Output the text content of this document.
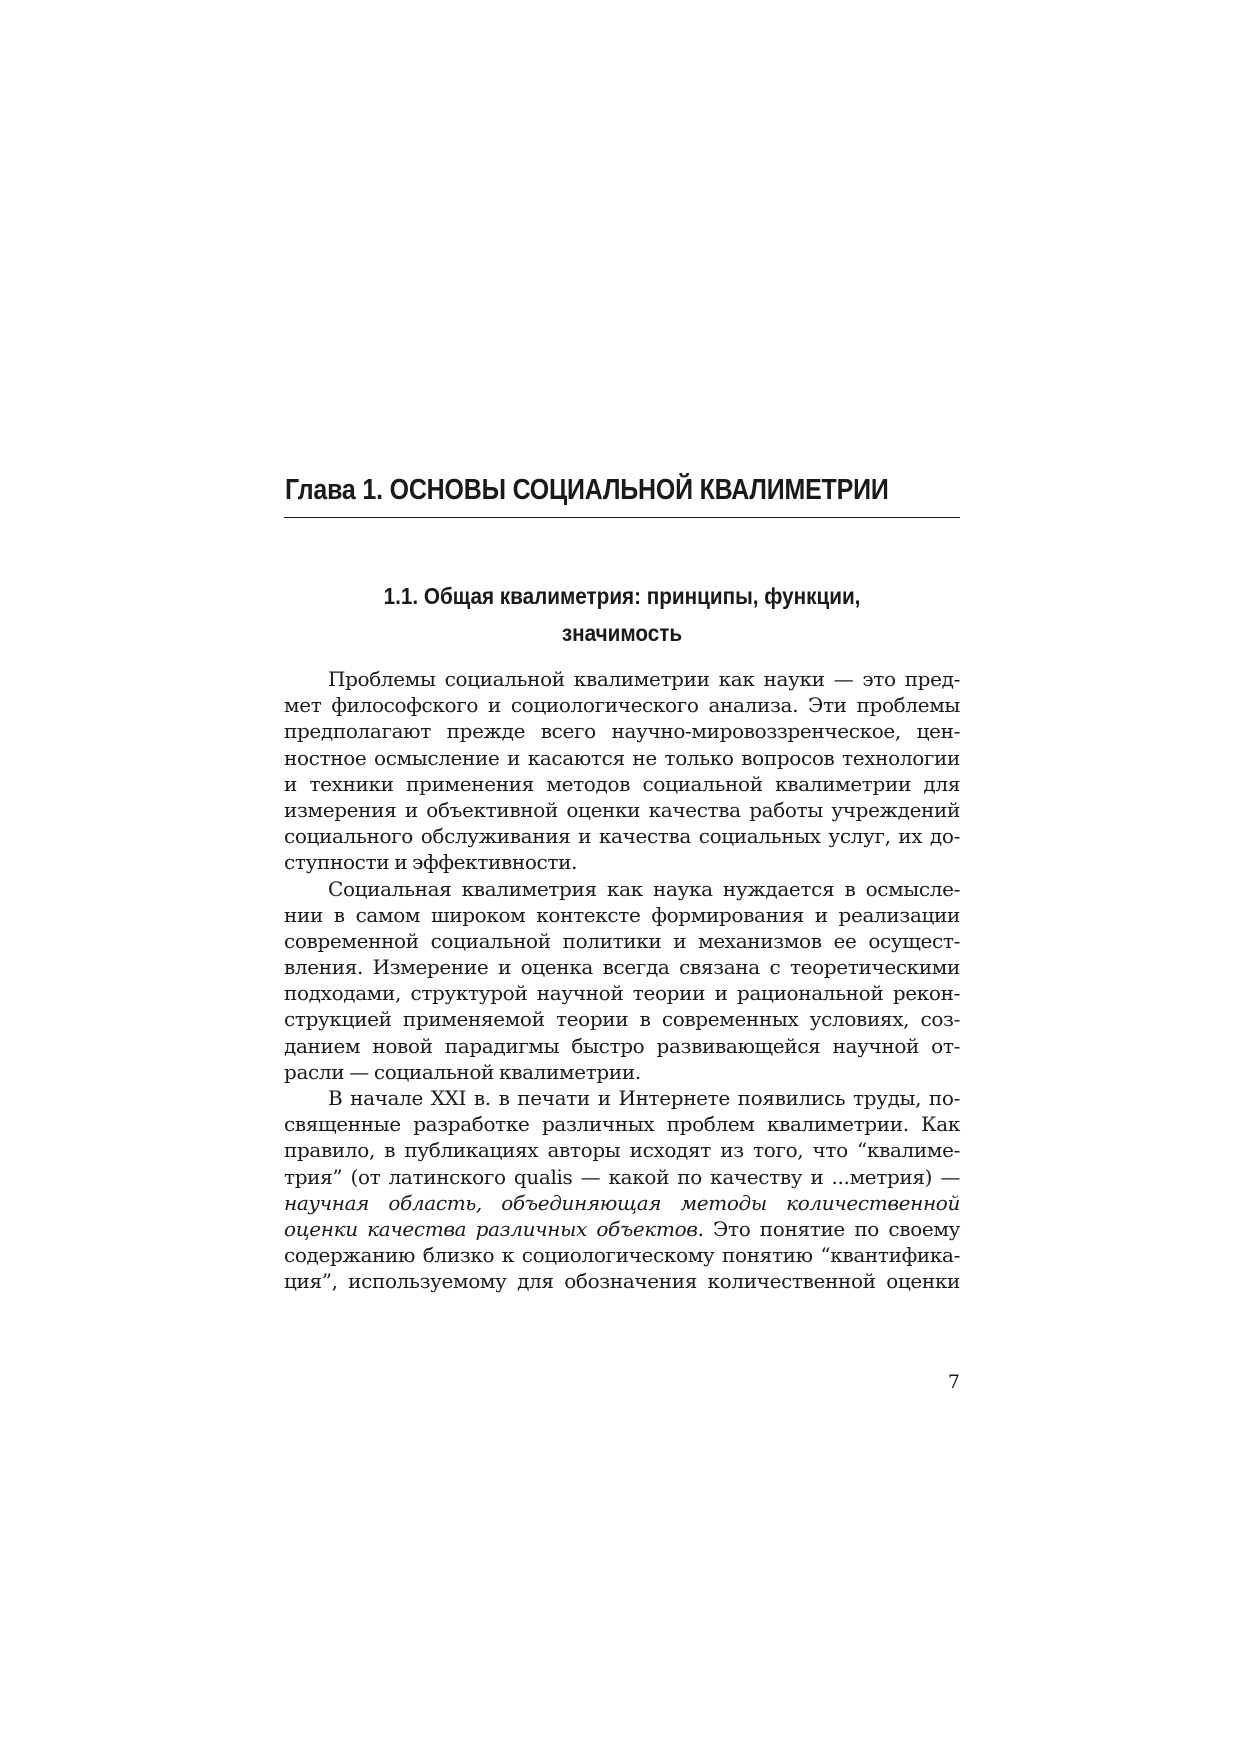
Глава 1. ОСНОВЫ СОЦИАЛЬНОЙ КВАЛИМЕТРИИ
1.1. Общая квалиметрия: принципы, функции,
значимость
Проблемы социальной квалиметрии как науки — это пред-
мет философского и социологического анализа. Эти проблемы
предполагают прежде всего научно-мировоззренческое, цен-
ностное осмысление и касаются не только вопросов технологии
и техники применения методов социальной квалиметрии для
измерения и объективной оценки качества работы учреждений
социального обслуживания и качества социальных услуг, их до-
ступности и эффективности.
Социальная квалиметрия как наука нуждается в осмысле-
нии в самом широком контексте формирования и реализации
современной социальной политики и механизмов ее осущест-
вления. Измерение и оценка всегда связана с теоретическими
подходами, структурой научной теории и рациональной рекон-
струкцией применяемой теории в современных условиях, соз-
данием новой парадигмы быстро развивающейся научной от-
расли — социальной квалиметрии.
В начале XXI в. в печати и Интернете появились труды, по-
священные разработке различных проблем квалиметрии. Как
правило, в публикациях авторы исходят из того, что “квалиме-
трия” (от латинского qualis — какой по качеству и ...метрия) —
научная область, объединяющая методы количественной
оценки качества различных объектов. Это понятие по своему
содержанию близко к социологическому понятию “квантифика-
ция”, используемому для обозначения количественной оценки
7
